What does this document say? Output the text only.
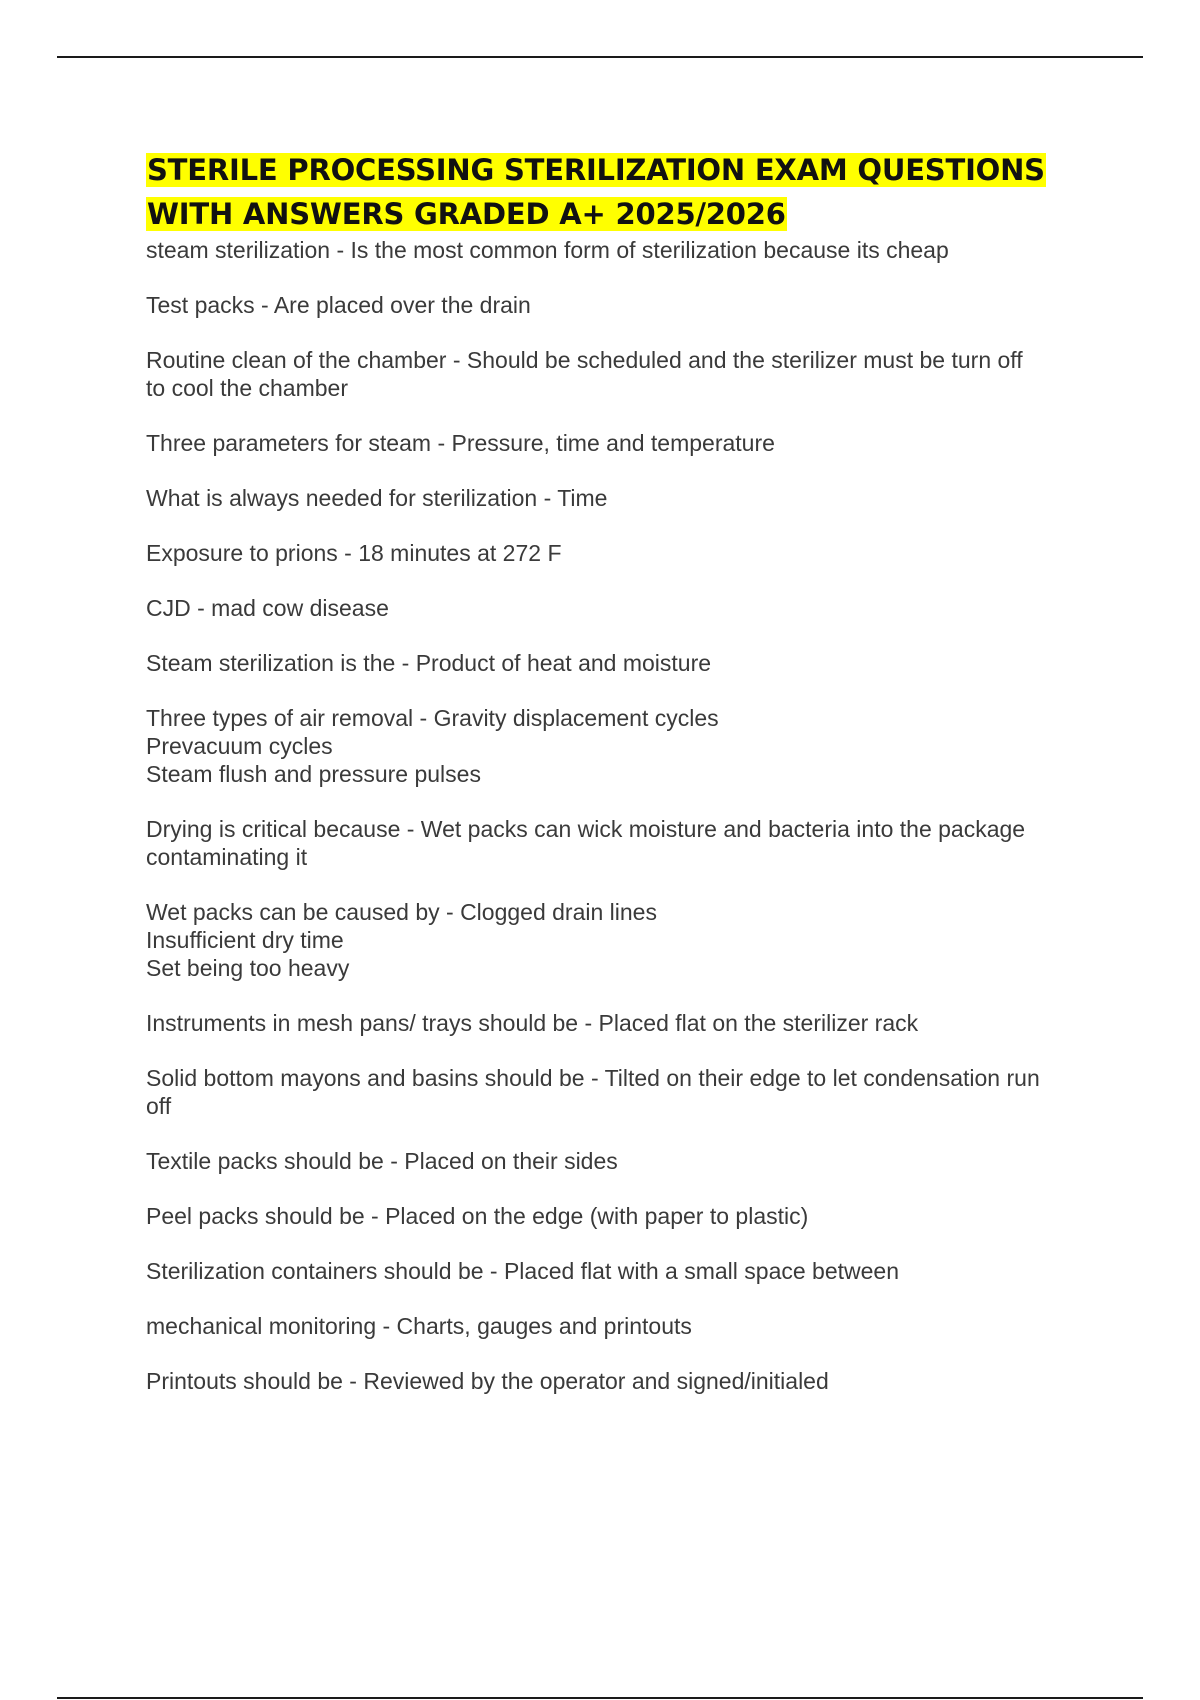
STERILE PROCESSING STERILIZATION EXAM QUESTIONS
WITH ANSWERS GRADED A+ 2025/2026
steam sterilization - Is the most common form of sterilization because its cheap
Test packs - Are placed over the drain
Routine clean of the chamber - Should be scheduled and the sterilizer must be turn off
to cool the chamber
Three parameters for steam - Pressure, time and temperature
What is always needed for sterilization - Time
Exposure to prions - 18 minutes at 272 F
CJD - mad cow disease
Steam sterilization is the - Product of heat and moisture
Three types of air removal - Gravity displacement cycles
Prevacuum cycles
Steam flush and pressure pulses
Drying is critical because - Wet packs can wick moisture and bacteria into the package
contaminating it
Wet packs can be caused by - Clogged drain lines
Insufficient dry time
Set being too heavy
Instruments in mesh pans/ trays should be - Placed flat on the sterilizer rack
Solid bottom mayons and basins should be - Tilted on their edge to let condensation run
off
Textile packs should be - Placed on their sides
Peel packs should be - Placed on the edge (with paper to plastic)
Sterilization containers should be - Placed flat with a small space between
mechanical monitoring - Charts, gauges and printouts
Printouts should be - Reviewed by the operator and signed/initialed
